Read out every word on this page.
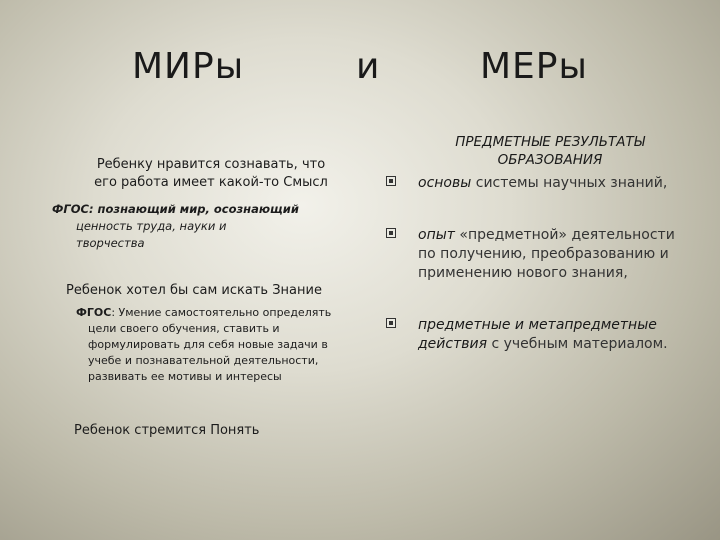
МИРы	и	МЕРы
Ребенку нравится сознавать, что
его работа имеет какой-то Смысл
ФГОС: познающий мир, осознающий
ценность труда, науки и
творчества
Ребенок хотел бы сам искать Знание
ФГОС: Умение самостоятельно определять
цели своего обучения, ставить и
формулировать для себя новые задачи в
учебе и познавательной деятельности,
развивать ее мотивы и интересы
Ребенок стремится Понять
ПРЕДМЕТНЫЕ РЕЗУЛЬТАТЫ
ОБРАЗОВАНИЯ
основы системы научных знаний,
опыт «предметной» деятельности
по получению, преобразованию и
применению нового знания,
предметные и метапредметные
действия с учебным материалом.
